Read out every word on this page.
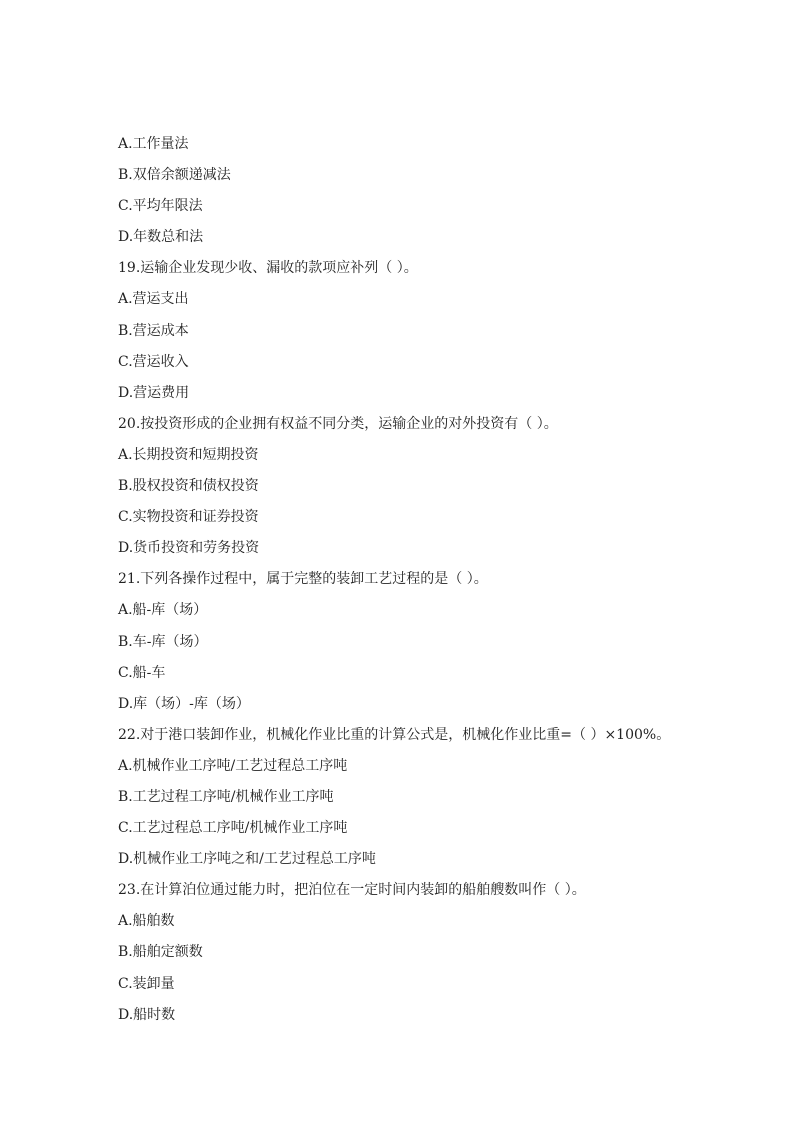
A.工作量法
B.双倍余额递减法
C.平均年限法
D.年数总和法
19.运输企业发现少收、漏收的款项应补列（ ）。
A.营运支出
B.营运成本
C.营运收入
D.营运费用
20.按投资形成的企业拥有权益不同分类，运输企业的对外投资有（ ）。
A.长期投资和短期投资
B.股权投资和债权投资
C.实物投资和证券投资
D.货币投资和劳务投资
21.下列各操作过程中，属于完整的装卸工艺过程的是（ ）。
A.船-库（场）
B.车-库（场）
C.船-车
D.库（场）-库（场）
22.对于港口装卸作业，机械化作业比重的计算公式是，机械化作业比重=（ ）×100%。
A.机械作业工序吨/工艺过程总工序吨
B.工艺过程工序吨/机械作业工序吨
C.工艺过程总工序吨/机械作业工序吨
D.机械作业工序吨之和/工艺过程总工序吨
23.在计算泊位通过能力时，把泊位在一定时间内装卸的船舶艘数叫作（ ）。
A.船舶数
B.船舶定额数
C.装卸量
D.船时数
